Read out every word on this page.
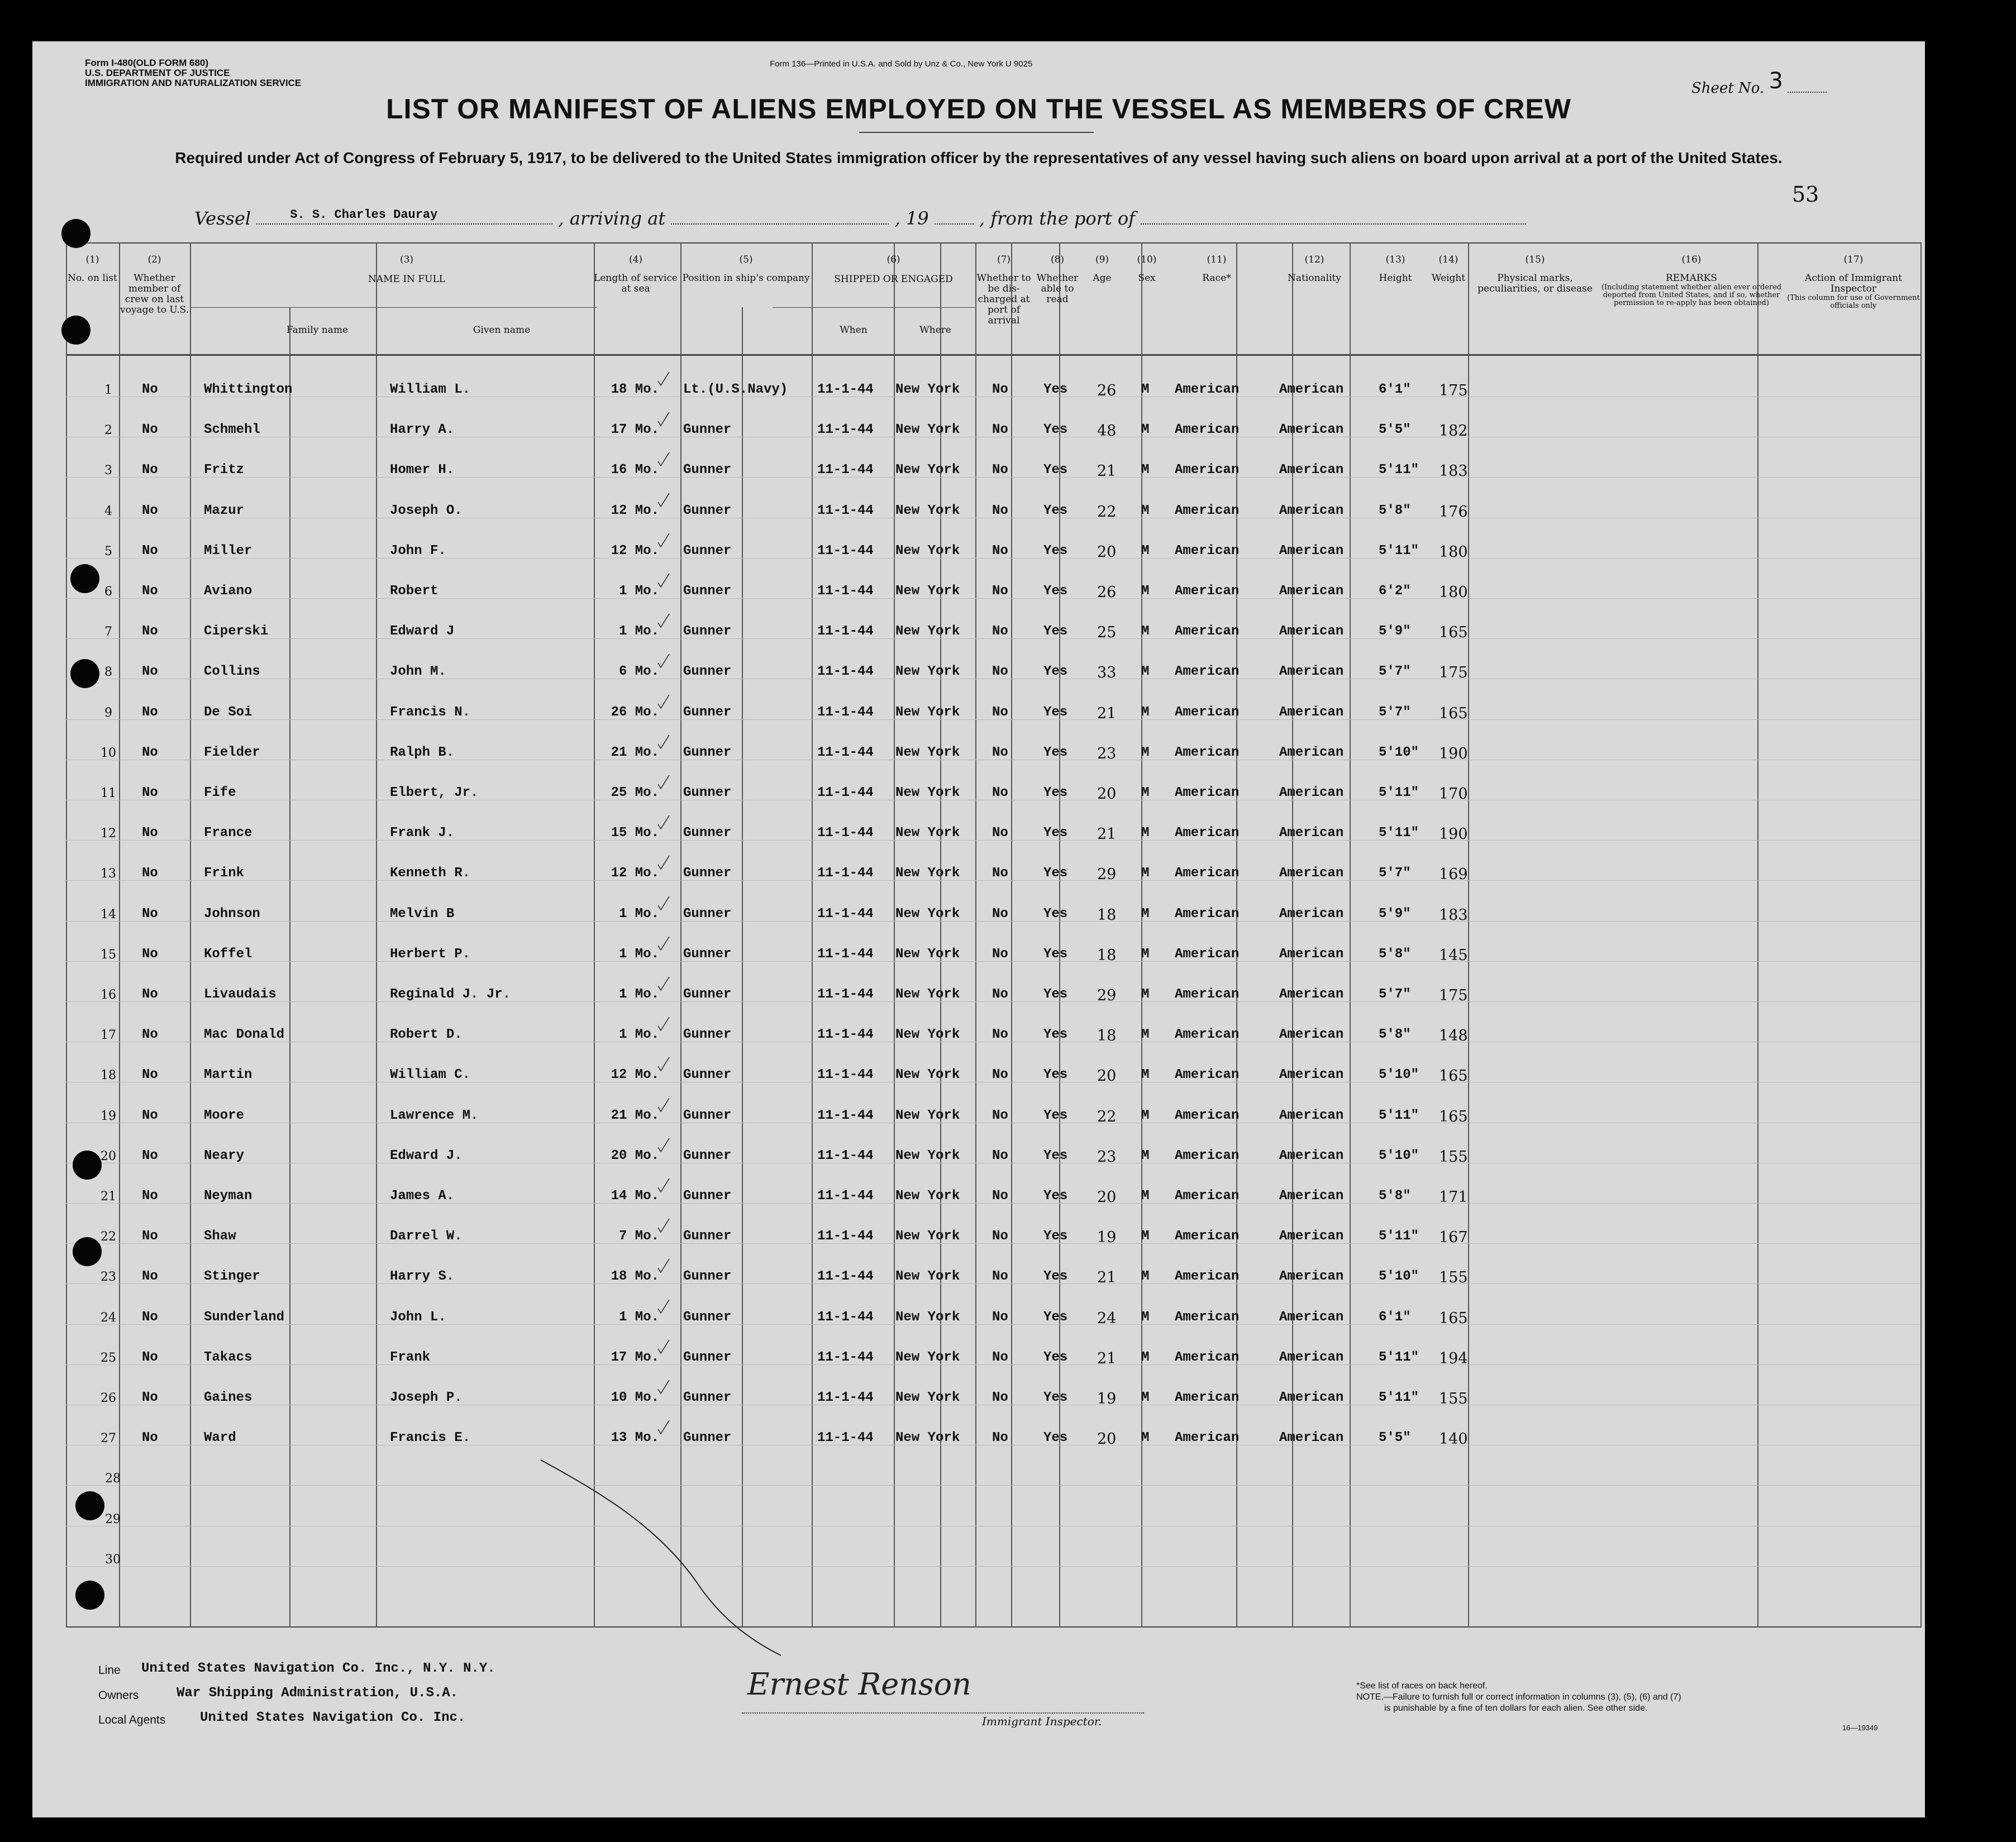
Form I-480(OLD FORM 680)
U.S. DEPARTMENT OF JUSTICE
IMMIGRATION AND NATURALIZATION SERVICE
Form 136—Printed in U.S.A. and Sold by Unz & Co., New York U 9025
Sheet No. 3
LIST OR MANIFEST OF ALIENS EMPLOYED ON THE VESSEL AS MEMBERS OF CREW
Required under Act of Congress of February 5, 1917, to be delivered to the United States immigration officer by the representatives of any vessel having such aliens on board upon arrival at a port of the United States.
53
Vessel	S. S. Charles Dauray	, arriving at	, 19	, from the port of
(1)
No. on list
(2)
Whether member of crew on last voyage to U.S.
(4)
Length of service at sea
(5)
Position in ship's company
(7)
Whether to be dis-charged at port of arrival
(8)
Whether able to read
(9)
Age
(10)
Sex
(11)
Race*
(12)
Nationality
(13)
Height
(14)
Weight
(15)
Physical marks, peculiarities, or disease
(16)
REMARKS
(Including statement whether alien ever ordered deported from United States, and if so, whether permission to re-apply has been obtained)
(17)
Action of Immigrant Inspector
(This column for use of Government officials only
(3)
NAME IN FULL
Family name	Given name
(6)
SHIPPED OR ENGAGED
When	Where
1	No	Whittington	William L.	18 Mo. Lt.(U.S.Navy) 11-1-44 New York No	Yes 26 M American	American	6'1" 175
2	No	Schmehl	Harry A.	17 Mo. Gunner	11-1-44 New York No	Yes 48 M American	American	5'5" 182
3	No	Fritz	Homer H.	16 Mo. Gunner	11-1-44 New York No	Yes 21 M American	American	5'11" 183
4	No	Mazur	Joseph O.	12 Mo. Gunner	11-1-44 New York No	Yes 22 M American	American	5'8" 176
5	No	Miller	John F.	12 Mo. Gunner	11-1-44 New York No	Yes 20 M American	American	5'11" 180
6	No	Aviano	Robert	1 Mo. Gunner	11-1-44 New York No	Yes 26 M American	American	6'2" 180
7	No	Ciperski	Edward J	1 Mo. Gunner	11-1-44 New York No	Yes 25 M American	American	5'9" 165
8	No	Collins	John M.	6 Mo. Gunner	11-1-44 New York No	Yes 33 M American	American	5'7" 175
9	No	De Soi	Francis N.	26 Mo. Gunner	11-1-44 New York No	Yes 21 M American	American	5'7" 165
10	No	Fielder	Ralph B.	21 Mo. Gunner	11-1-44 New York No	Yes 23 M American	American	5'10" 190
11	No	Fife	Elbert, Jr.	25 Mo. Gunner	11-1-44 New York No	Yes 20 M American	American	5'11" 170
12	No	France	Frank J.	15 Mo. Gunner	11-1-44 New York No	Yes 21 M American	American	5'11" 190
13	No	Frink	Kenneth R.	12 Mo. Gunner	11-1-44 New York No	Yes 29 M American	American	5'7" 169
14	No	Johnson	Melvin B	1 Mo. Gunner	11-1-44 New York No	Yes 18 M American	American	5'9" 183
15	No	Koffel	Herbert P.	1 Mo. Gunner	11-1-44 New York No	Yes 18 M American	American	5'8" 145
16	No	Livaudais	Reginald J. Jr.	1 Mo. Gunner	11-1-44 New York No	Yes 29 M American	American	5'7" 175
17	No	Mac Donald	Robert D.	1 Mo. Gunner	11-1-44 New York No	Yes 18 M American	American	5'8" 148
18	No	Martin	William C.	12 Mo. Gunner	11-1-44 New York No	Yes 20 M American	American	5'10" 165
19	No	Moore	Lawrence M.	21 Mo. Gunner	11-1-44 New York No	Yes 22 M American	American	5'11" 165
20	No	Neary	Edward J.	20 Mo. Gunner	11-1-44 New York No	Yes 23 M American	American	5'10" 155
21	No	Neyman	James A.	14 Mo. Gunner	11-1-44 New York No	Yes 20 M American	American	5'8" 171
22	No	Shaw	Darrel W.	7 Mo. Gunner	11-1-44 New York No	Yes 19 M American	American	5'11" 167
23	No	Stinger	Harry S.	18 Mo. Gunner	11-1-44 New York No	Yes 21 M American	American	5'10" 155
24	No	Sunderland	John L.	1 Mo. Gunner	11-1-44 New York No	Yes 24 M American	American	6'1" 165
25	No	Takacs	Frank	17 Mo. Gunner	11-1-44 New York No	Yes 21 M American	American	5'11" 194
26	No	Gaines	Joseph P.	10 Mo. Gunner	11-1-44 New York No	Yes 19 M American	American	5'11" 155
27	No	Ward	Francis E.	13 Mo. Gunner	11-1-44 New York No	Yes 20 M American	American	5'5" 140
28
29
30
Line United States Navigation Co. Inc., N.Y. N.Y.
Owners	War Shipping Administration, U.S.A.
Local Agents	United States Navigation Co. Inc.
Ernest Renson
Immigrant Inspector.
*See list of races on back hereof.
NOTE.—Failure to furnish full or correct information in columns (3), (5), (6) and (7)
is punishable by a fine of ten dollars for each alien. See other side.
16—19349
